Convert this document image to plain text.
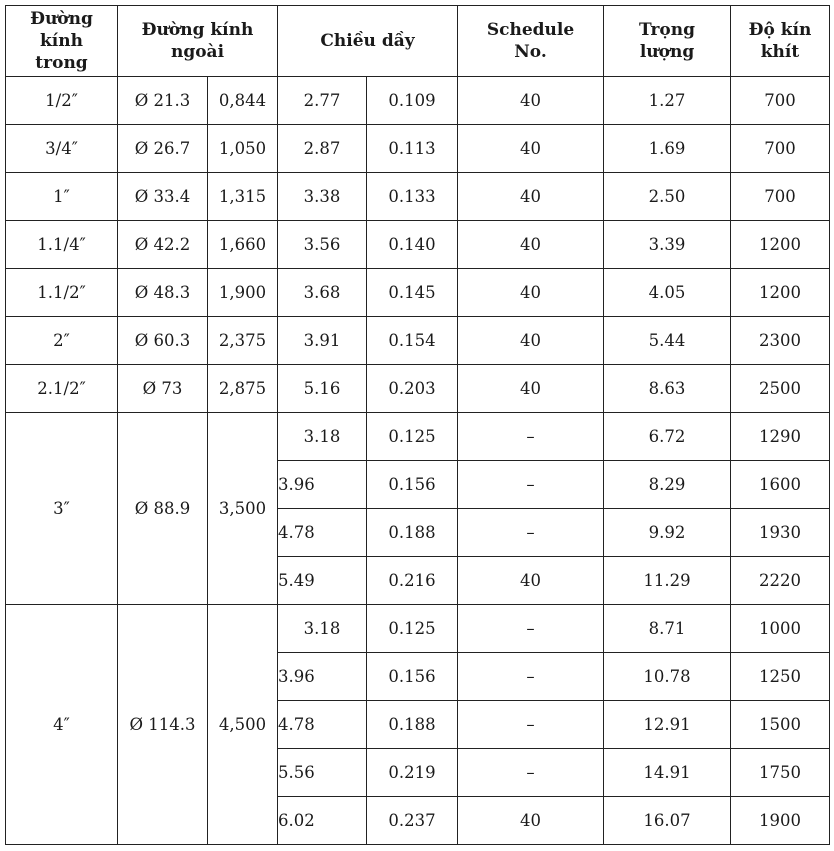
Đường kính trong	Đường kính ngoài		Chiều dầy		Schedule No.	Trọng lượng	Độ kín khít
1/2″	Ø 21.3	0,844	2.77	0.109	40	1.27	700
3/4″	Ø 26.7	1,050	2.87	0.113	40	1.69	700
1″	Ø 33.4	1,315	3.38	0.133	40	2.50	700
1.1/4″	Ø 42.2	1,660	3.56	0.140	40	3.39	1200
1.1/2″	Ø 48.3	1,900	3.68	0.145	40	4.05	1200
2″	Ø 60.3	2,375	3.91	0.154	40	5.44	2300
2.1/2″	Ø 73	2,875	5.16	0.203	40	8.63	2500
3″	Ø 88.9	3,500	3.18	0.125	–	6.72	1290
			3.96	0.156	–	8.29	1600
			4.78	0.188	–	9.92	1930
			5.49	0.216	40	11.29	2220
4″	Ø 114.3	4,500	3.18	0.125	–	8.71	1000
			3.96	0.156	–	10.78	1250
			4.78	0.188	–	12.91	1500
			5.56	0.219	–	14.91	1750
			6.02	0.237	40	16.07	1900
